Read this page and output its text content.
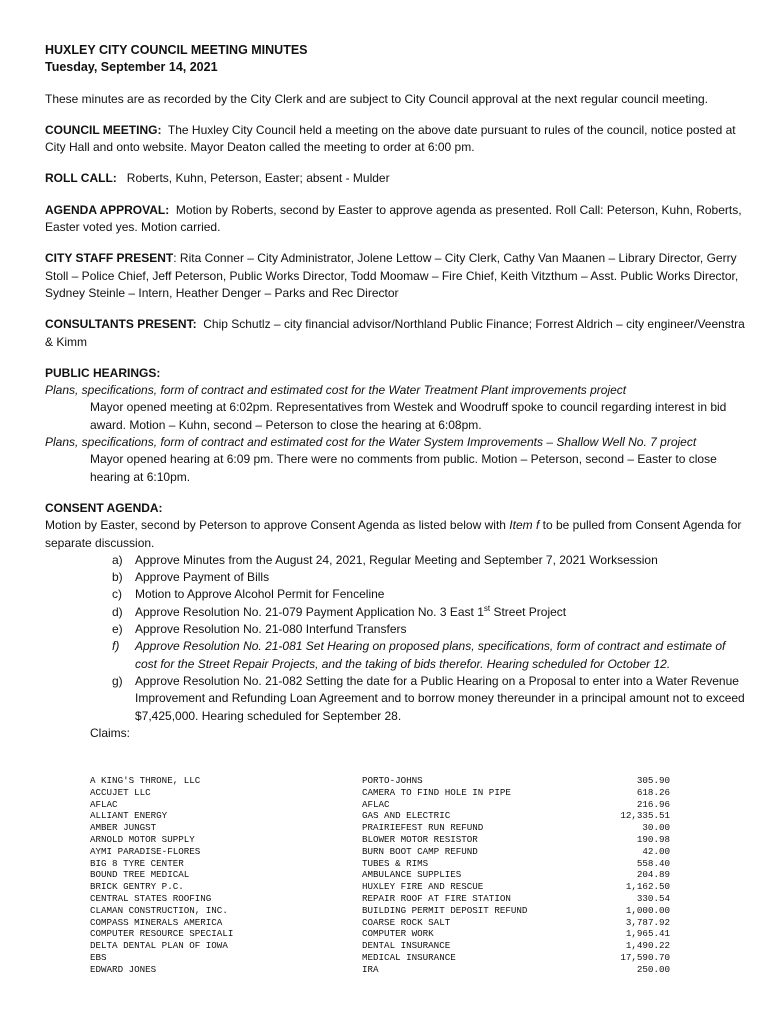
HUXLEY CITY COUNCIL MEETING MINUTES
Tuesday, September 14, 2021

These minutes are as recorded by the City Clerk and are subject to City Council approval at the next regular council meeting.

COUNCIL MEETING: The Huxley City Council held a meeting on the above date pursuant to rules of the council, notice posted at City Hall and onto website. Mayor Deaton called the meeting to order at 6:00 pm.

ROLL CALL: Roberts, Kuhn, Peterson, Easter; absent - Mulder

AGENDA APPROVAL: Motion by Roberts, second by Easter to approve agenda as presented. Roll Call: Peterson, Kuhn, Roberts, Easter voted yes. Motion carried.

CITY STAFF PRESENT: Rita Conner – City Administrator, Jolene Lettow – City Clerk, Cathy Van Maanen – Library Director, Gerry Stoll – Police Chief, Jeff Peterson, Public Works Director, Todd Moomaw – Fire Chief, Keith Vitzthum – Asst. Public Works Director, Sydney Steinle – Intern, Heather Denger – Parks and Rec Director

CONSULTANTS PRESENT: Chip Schutlz – city financial advisor/Northland Public Finance; Forrest Aldrich – city engineer/Veenstra & Kimm

PUBLIC HEARINGS:

Plans, specifications, form of contract and estimated cost for the Water Treatment Plant improvements project

Mayor opened meeting at 6:02pm. Representatives from Westek and Woodruff spoke to council regarding interest in bid award. Motion – Kuhn, second – Peterson to close the hearing at 6:08pm.

Plans, specifications, form of contract and estimated cost for the Water System Improvements – Shallow Well No. 7 project

Mayor opened hearing at 6:09 pm. There were no comments from public. Motion – Peterson, second – Easter to close hearing at 6:10pm.

CONSENT AGENDA:

Motion by Easter, second by Peterson to approve Consent Agenda as listed below with Item f to be pulled from Consent Agenda for separate discussion.

a) Approve Minutes from the August 24, 2021, Regular Meeting and September 7, 2021 Worksession
b) Approve Payment of Bills
c) Motion to Approve Alcohol Permit for Fenceline
d) Approve Resolution No. 21-079 Payment Application No. 3 East 1st Street Project
e) Approve Resolution No. 21-080 Interfund Transfers
f) Approve Resolution No. 21-081 Set Hearing on proposed plans, specifications, form of contract and estimate of cost for the Street Repair Projects, and the taking of bids therefor. Hearing scheduled for October 12.
g) Approve Resolution No. 21-082 Setting the date for a Public Hearing on a Proposal to enter into a Water Revenue Improvement and Refunding Loan Agreement and to borrow money thereunder in a principal amount not to exceed $7,425,000. Hearing scheduled for September 28.

Claims:

A KING'S THRONE, LLC	PORTO-JOHNS	305.90
ACCUJET LLC	CAMERA TO FIND HOLE IN PIPE	618.26
AFLAC	AFLAC	216.96
ALLIANT ENERGY	GAS AND ELECTRIC	12,335.51
AMBER JUNGST	PRAIRIEFEST RUN REFUND	30.00
ARNOLD MOTOR SUPPLY	BLOWER MOTOR RESISTOR	190.98
AYMI PARADISE-FLORES	BURN BOOT CAMP REFUND	42.00
BIG 8 TYRE CENTER	TUBES & RIMS	558.40
BOUND TREE MEDICAL	AMBULANCE SUPPLIES	204.89
BRICK GENTRY P.C.	HUXLEY FIRE AND RESCUE	1,162.50
CENTRAL STATES ROOFING	REPAIR ROOF AT FIRE STATION	330.54
CLAMAN CONSTRUCTION, INC.	BUILDING PERMIT DEPOSIT REFUND	1,000.00
COMPASS MINERALS AMERICA	COARSE ROCK SALT	3,787.92
COMPUTER RESOURCE SPECIALI	COMPUTER WORK	1,965.41
DELTA DENTAL PLAN OF IOWA	DENTAL INSURANCE	1,490.22
EBS	MEDICAL INSURANCE	17,590.70
EDWARD JONES	IRA	250.00
